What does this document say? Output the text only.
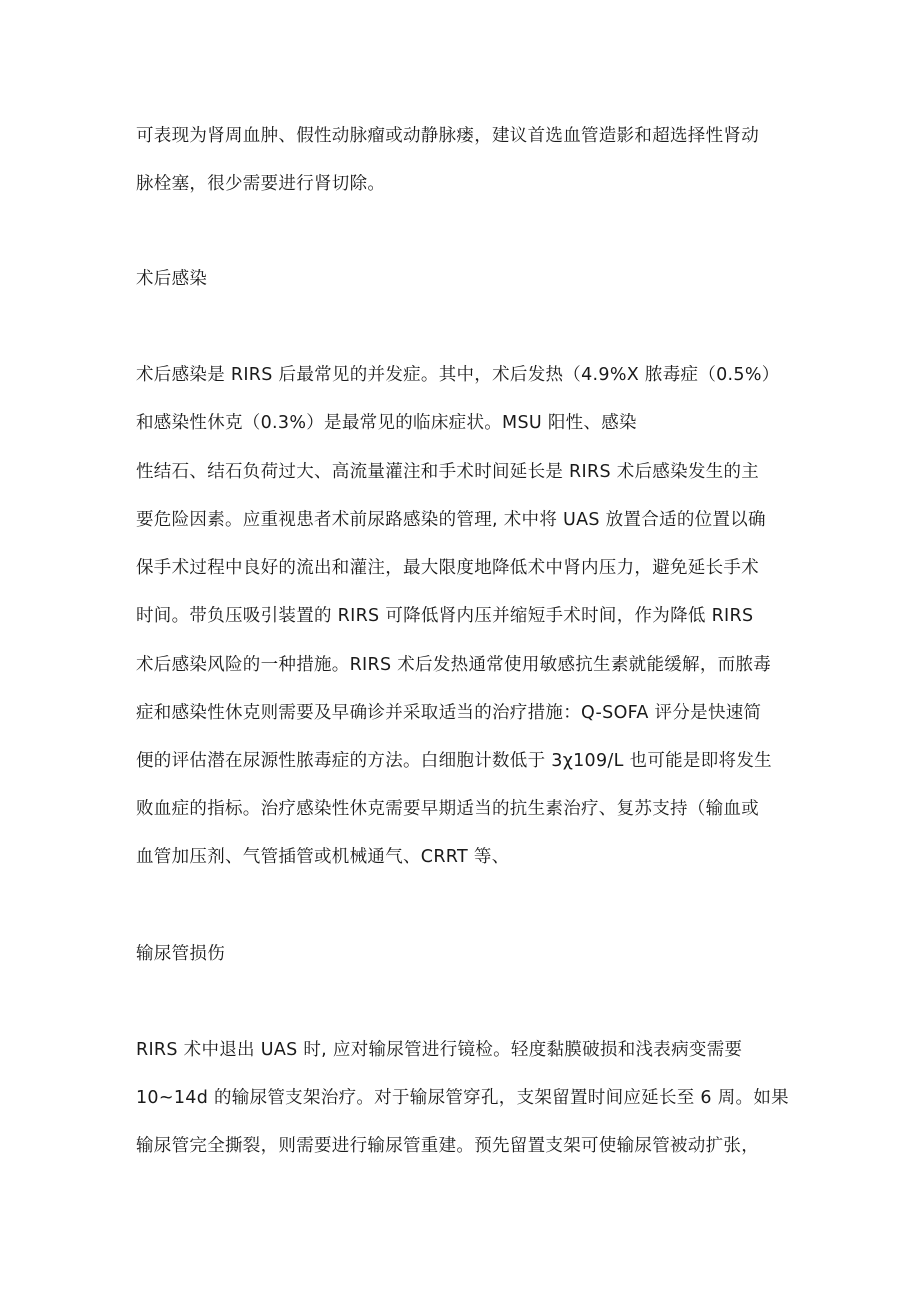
可表现为肾周血肿、假性动脉瘤或动静脉瘘，建议首选血管造影和超选择性肾动
脉栓塞，很少需要进行肾切除。
术后感染
术后感染是 RIRS 后最常见的并发症。其中，术后发热（4.9%X 脓毒症（0.5%）
和感染性休克（0.3%）是最常见的临床症状。MSU 阳性、感染
性结石、结石负荷过大、高流量灌注和手术时间延长是 RIRS 术后感染发生的主
要危险因素。应重视患者术前尿路感染的管理, 术中将 UAS 放置合适的位置以确
保手术过程中良好的流出和灌注，最大限度地降低术中肾内压力，避免延长手术
时间。带负压吸引装置的 RIRS 可降低肾内压并缩短手术时间，作为降低 RIRS
术后感染风险的一种措施。RIRS 术后发热通常使用敏感抗生素就能缓解，而脓毒
症和感染性休克则需要及早确诊并采取适当的治疗措施：Q-SOFA 评分是快速简
便的评估潜在尿源性脓毒症的方法。白细胞计数低于 3χ109/L 也可能是即将发生
败血症的指标。治疗感染性休克需要早期适当的抗生素治疗、复苏支持（输血或
血管加压剂、气管插管或机械通气、CRRT 等、
输尿管损伤
RIRS 术中退出 UAS 时, 应对输尿管进行镜检。轻度黏膜破损和浅表病变需要
10~14d 的输尿管支架治疗。对于输尿管穿孔，支架留置时间应延长至 6 周。如果
输尿管完全撕裂，则需要进行输尿管重建。预先留置支架可使输尿管被动扩张，
